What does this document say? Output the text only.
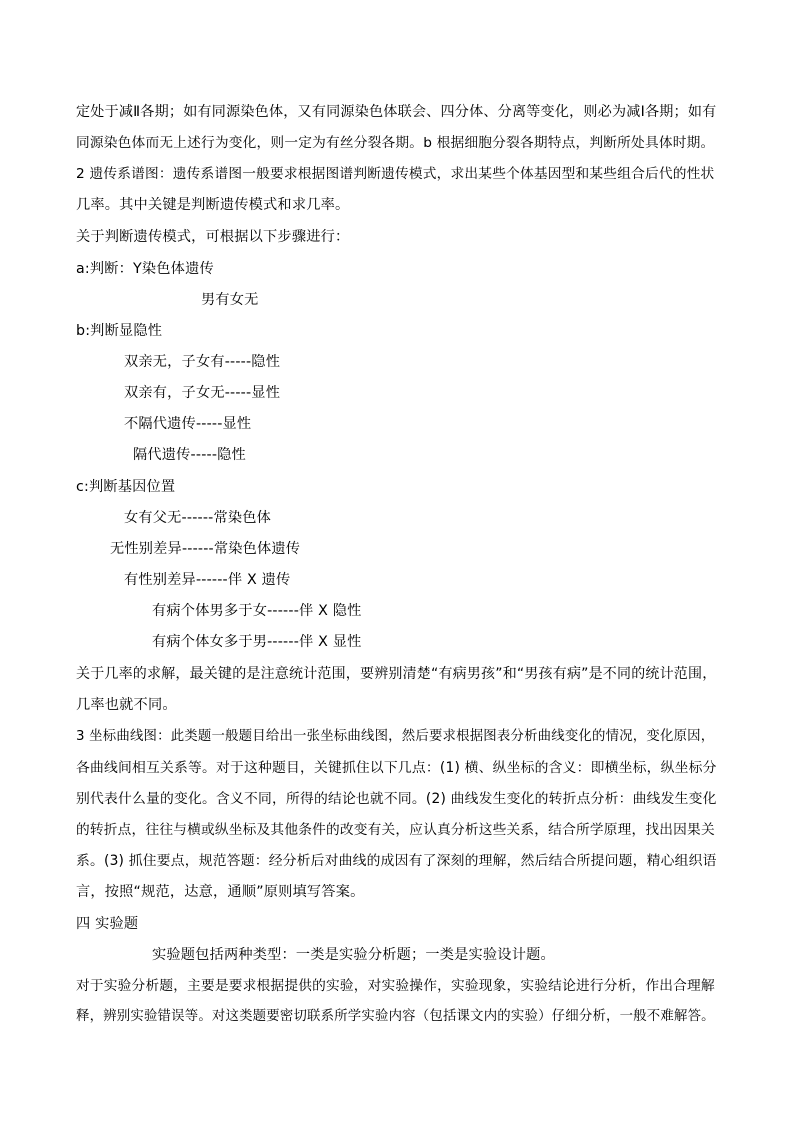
定处于减Ⅱ各期；如有同源染色体，又有同源染色体联会、四分体、分离等变化，则必为减Ⅰ各期；如有
同源染色体而无上述行为变化，则一定为有丝分裂各期。b 根据细胞分裂各期特点，判断所处具体时期。
2 遗传系谱图：遗传系谱图一般要求根据图谱判断遗传模式，求出某些个体基因型和某些组合后代的性状
几率。其中关键是判断遗传模式和求几率。
关于判断遗传模式，可根据以下步骤进行：
a:判断：Y染色体遗传
男有女无
b:判断显隐性
双亲无，子女有-----隐性
双亲有，子女无-----显性
不隔代遗传-----显性
隔代遗传-----隐性
c:判断基因位置
女有父无------常染色体
无性别差异------常染色体遗传
有性别差异------伴 X 遗传
有病个体男多于女------伴 X 隐性
有病个体女多于男------伴 X 显性
关于几率的求解，最关键的是注意统计范围，要辨别清楚“有病男孩”和“男孩有病”是不同的统计范围，
几率也就不同。
3 坐标曲线图：此类题一般题目给出一张坐标曲线图，然后要求根据图表分析曲线变化的情况，变化原因，
各曲线间相互关系等。对于这种题目，关键抓住以下几点：(1) 横、纵坐标的含义：即横坐标，纵坐标分
别代表什么量的变化。含义不同，所得的结论也就不同。(2) 曲线发生变化的转折点分析：曲线发生变化
的转折点，往往与横或纵坐标及其他条件的改变有关，应认真分析这些关系，结合所学原理，找出因果关
系。(3) 抓住要点，规范答题：经分析后对曲线的成因有了深刻的理解，然后结合所提问题，精心组织语
言，按照“规范，达意，通顺”原则填写答案。
四 实验题
实验题包括两种类型：一类是实验分析题；一类是实验设计题。
对于实验分析题，主要是要求根据提供的实验，对实验操作，实验现象，实验结论进行分析，作出合理解
释，辨别实验错误等。对这类题要密切联系所学实验内容（包括课文内的实验）仔细分析，一般不难解答。
